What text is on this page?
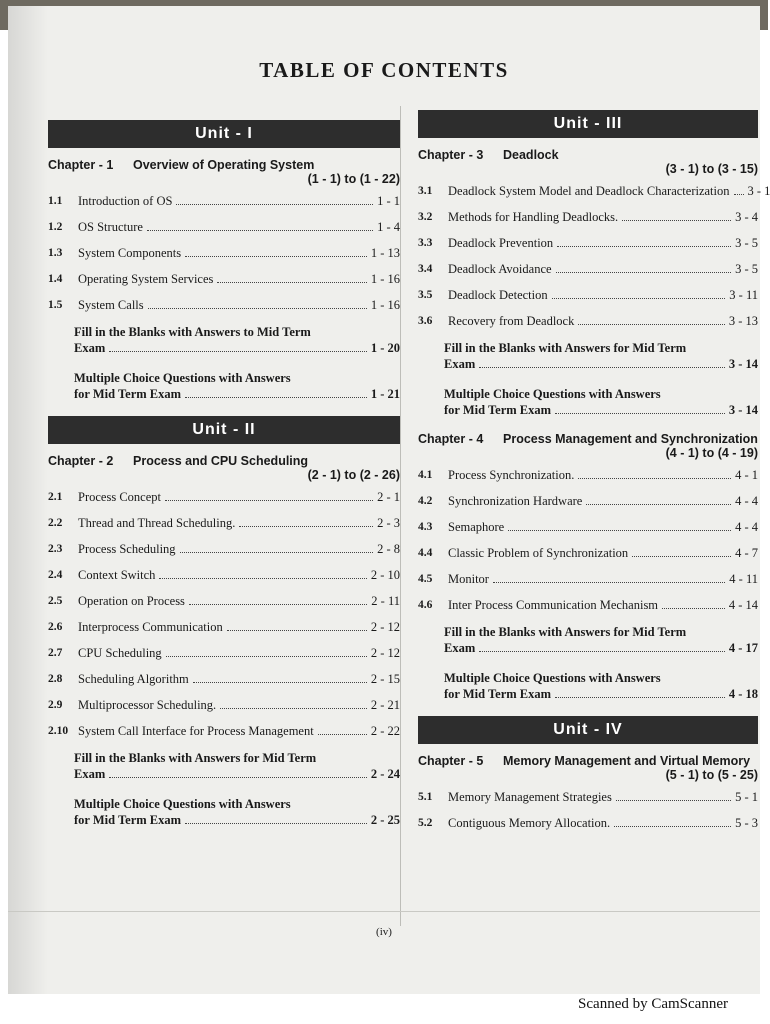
TABLE OF CONTENTS
Unit - I
Chapter - 1	Overview of Operating System
(1 - 1) to (1 - 22)
1.1	Introduction of OS	1 - 1
1.2	OS Structure	1 - 4
1.3	System Components	1 - 13
1.4	Operating System Services	1 - 16
1.5	System Calls	1 - 16
Fill in the Blanks with Answers to Mid Term
Exam	1 - 20
Multiple Choice Questions with Answers
for Mid Term Exam	1 - 21
Unit - II
Chapter - 2	Process and CPU Scheduling
(2 - 1) to (2 - 26)
2.1	Process Concept	2 - 1
2.2	Thread and Thread Scheduling.	2 - 3
2.3	Process Scheduling	2 - 8
2.4	Context Switch	2 - 10
2.5	Operation on Process	2 - 11
2.6	Interprocess Communication	2 - 12
2.7	CPU Scheduling	2 - 12
2.8	Scheduling Algorithm	2 - 15
2.9	Multiprocessor Scheduling.	2 - 21
2.10 System Call Interface for Process Management	2 - 22
Fill in the Blanks with Answers for Mid Term
Exam	2 - 24
Multiple Choice Questions with Answers
for Mid Term Exam	2 - 25
Unit - III
Chapter - 3	Deadlock
(3 - 1) to (3 - 15)
3.1	Deadlock System Model and Deadlock Characterization 3 - 1
3.2	Methods for Handling Deadlocks.	3 - 4
3.3	Deadlock Prevention	3 - 5
3.4	Deadlock Avoidance	3 - 5
3.5	Deadlock Detection	3 - 11
3.6	Recovery from Deadlock	3 - 13
Fill in the Blanks with Answers for Mid Term
Exam	3 - 14
Multiple Choice Questions with Answers
for Mid Term Exam	3 - 14
Chapter - 4	Process Management and Synchronization
(4 - 1) to (4 - 19)
4.1	Process Synchronization.	4 - 1
4.2	Synchronization Hardware	4 - 4
4.3	Semaphore	4 - 4
4.4	Classic Problem of Synchronization	4 - 7
4.5	Monitor	4 - 11
4.6	Inter Process Communication Mechanism	4 - 14
Fill in the Blanks with Answers for Mid Term
Exam	4 - 17
Multiple Choice Questions with Answers
for Mid Term Exam	4 - 18
Unit - IV
Chapter - 5	Memory Management and Virtual Memory
(5 - 1) to (5 - 25)
5.1	Memory Management Strategies	5 - 1
5.2	Contiguous Memory Allocation.	5 - 3
(iv)
Scanned by CamScanner
